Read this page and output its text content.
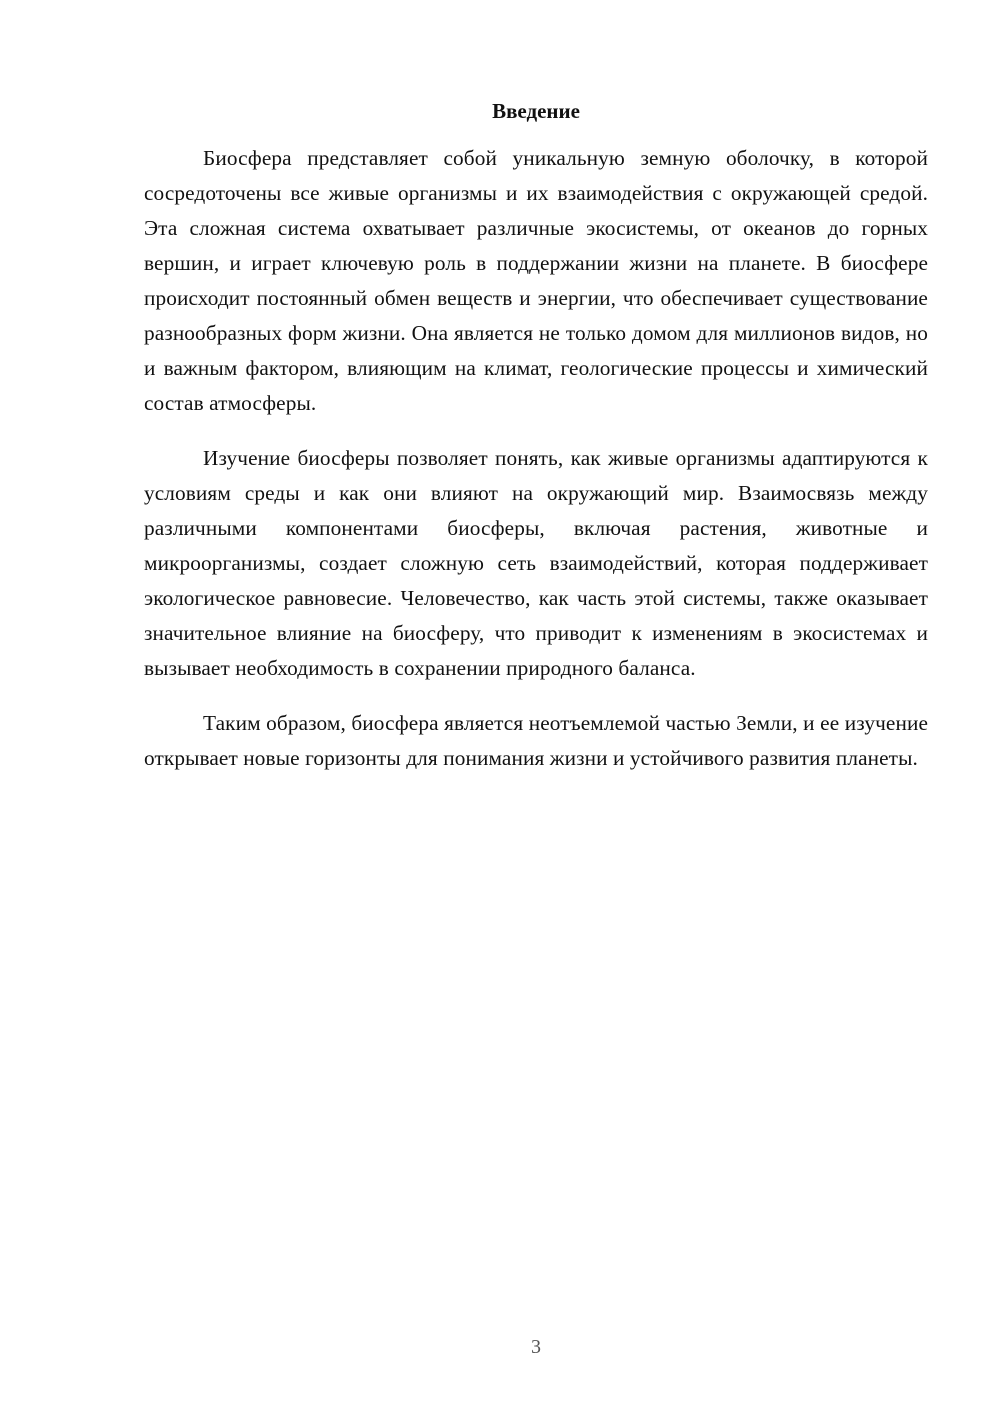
Введение

Биосфера представляет собой уникальную земную оболочку, в которой сосредоточены все живые организмы и их взаимодействия с окружающей средой. Эта сложная система охватывает различные экосистемы, от океанов до горных вершин, и играет ключевую роль в поддержании жизни на планете. В биосфере происходит постоянный обмен веществ и энергии, что обеспечивает существование разнообразных форм жизни. Она является не только домом для миллионов видов, но и важным фактором, влияющим на климат, геологические процессы и химический состав атмосферы.

Изучение биосферы позволяет понять, как живые организмы адаптируются к условиям среды и как они влияют на окружающий мир. Взаимосвязь между различными компонентами биосферы, включая растения, животные и микроорганизмы, создает сложную сеть взаимодействий, которая поддерживает экологическое равновесие. Человечество, как часть этой системы, также оказывает значительное влияние на биосферу, что приводит к изменениям в экосистемах и вызывает необходимость в сохранении природного баланса.

Таким образом, биосфера является неотъемлемой частью Земли, и ее изучение открывает новые горизонты для понимания жизни и устойчивого развития планеты.

3
